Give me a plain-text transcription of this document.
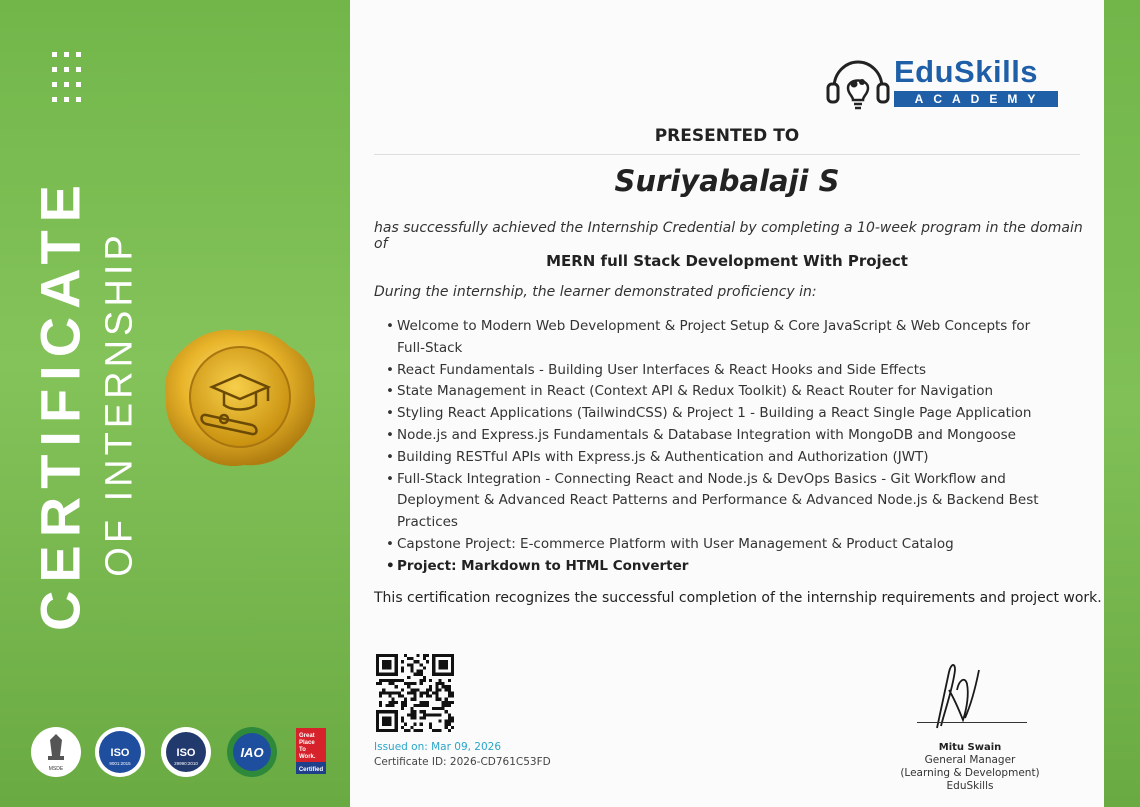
CERTIFICATE OF INTERNSHIP
MSDE
ISO
9001:2015
ISO
29990:2010
IAO
Great
Place
To
Work.
Certified
EduSkills
ACADEMY
PRESENTED TO
Suriyabalaji S
has successfully achieved the Internship Credential by completing a 10-week program in the domain of
MERN full Stack Development With Project
During the internship, the learner demonstrated proficiency in:
• Welcome to Modern Web Development & Project Setup & Core JavaScript & Web Concepts for Full-Stack
• React Fundamentals - Building User Interfaces & React Hooks and Side Effects
• State Management in React (Context API & Redux Toolkit) & React Router for Navigation
• Styling React Applications (TailwindCSS) & Project 1 - Building a React Single Page Application
• Node.js and Express.js Fundamentals & Database Integration with MongoDB and Mongoose
• Building RESTful APIs with Express.js & Authentication and Authorization (JWT)
• Full-Stack Integration - Connecting React and Node.js & DevOps Basics - Git Workflow and Deployment & Advanced React Patterns and Performance & Advanced Node.js & Backend Best Practices
• Capstone Project: E-commerce Platform with User Management & Product Catalog
• Project: Markdown to HTML Converter
This certification recognizes the successful completion of the internship requirements and project work.
Issued on: Mar 09, 2026
Certificate ID: 2026-CD761C53FD
Mitu Swain
General Manager
(Learning & Development)
EduSkills
